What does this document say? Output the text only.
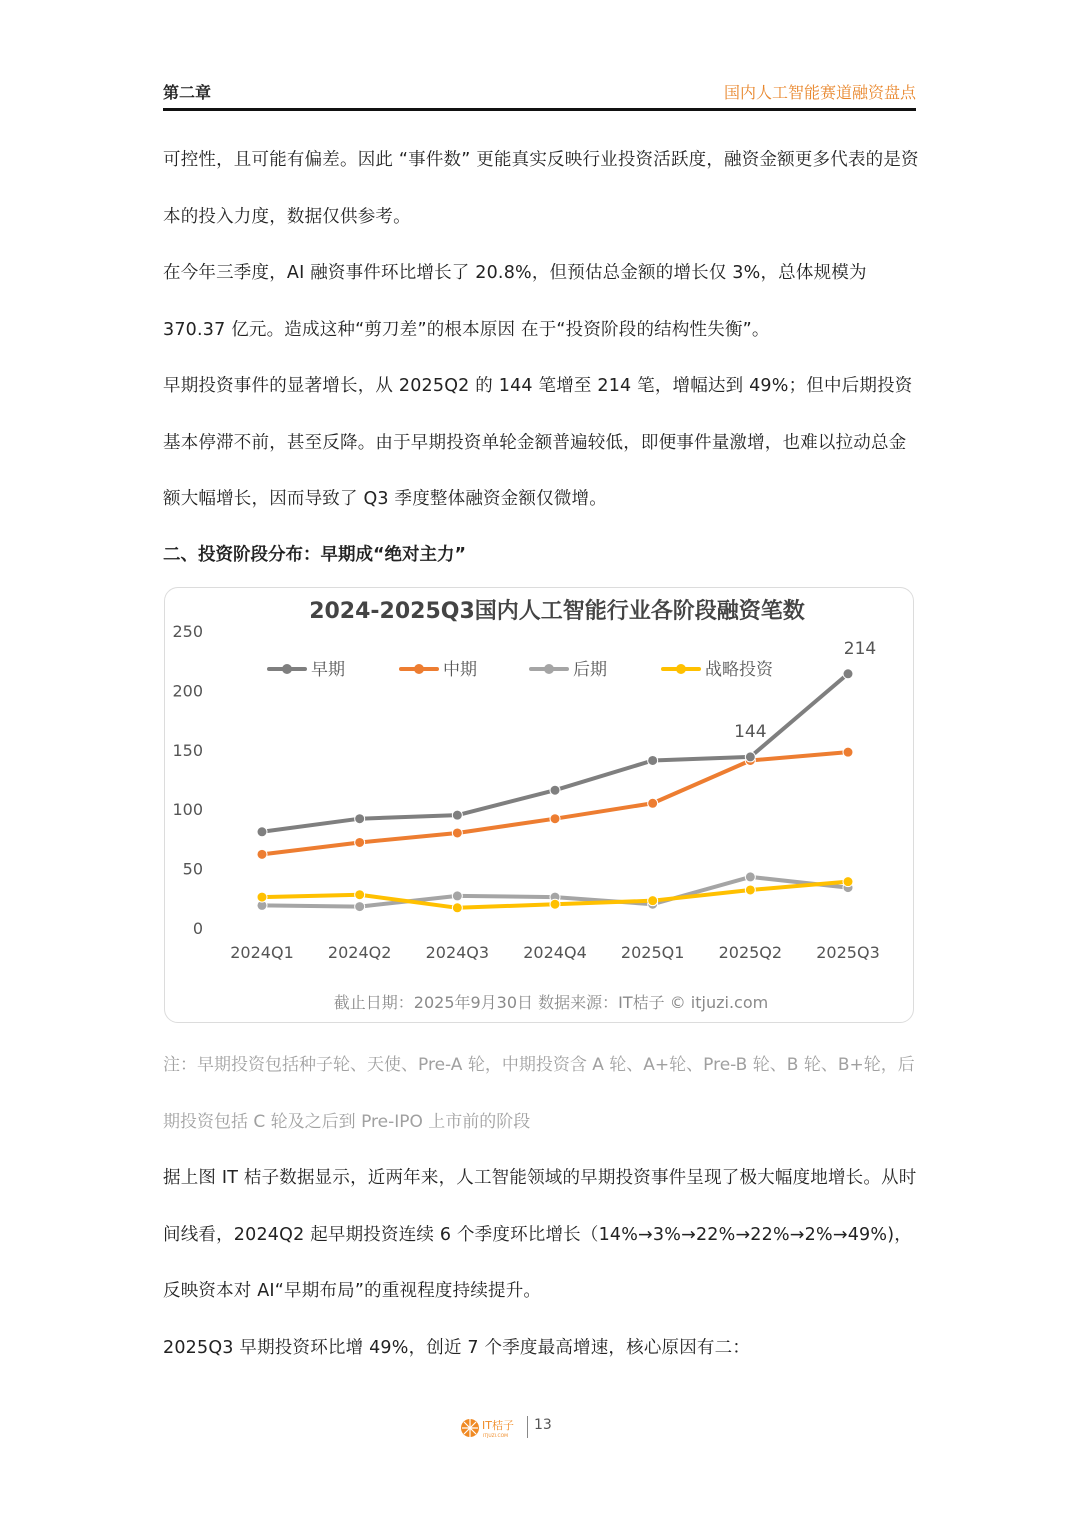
第二章	国内人工智能赛道融资盘点

可控性，且可能有偏差。因此 “事件数” 更能真实反映行业投资活跃度，融资金额更多代表的是资本的投入力度，数据仅供参考。

在今年三季度，AI 融资事件环比增长了 20.8%，但预估总金额的增长仅 3%，总体规模为 370.37 亿元。造成这种“剪刀差”的根本原因 在于“投资阶段的结构性失衡”。

早期投资事件的显著增长，从 2025Q2 的 144 笔增至 214 笔，增幅达到 49%；但中后期投资基本停滞不前，甚至反降。由于早期投资单轮金额普遍较低，即便事件量激增，也难以拉动总金额大幅增长，因而导致了 Q3 季度整体融资金额仅微增。

二、投资阶段分布：早期成“绝对主力”
2024-2025Q3国内人工智能行业各阶段融资笔数
早期	中期	后期	战略投资
0
50
100
150
200
250
2024Q1 2024Q2 2024Q3 2024Q4 2025Q1 2025Q2 2025Q3
144
214
截止日期：2025年9月30日 数据来源：IT桔子 © itjuzi.com

注：早期投资包括种子轮、天使、Pre-A 轮，中期投资含 A 轮、A+轮、Pre-B 轮、B 轮、B+轮，后期投资包括 C 轮及之后到 Pre-IPO 上市前的阶段

据上图 IT 桔子数据显示，近两年来，人工智能领域的早期投资事件呈现了极大幅度地增长。从时间线看，2024Q2 起早期投资连续 6 个季度环比增长（14%→3%→22%→22%→2%→49%)，反映资本对 AI“早期布局”的重视程度持续提升。

2025Q3 早期投资环比增 49%，创近 7 个季度最高增速，核心原因有二：

IT桔子
ITJUZI.COM
13
